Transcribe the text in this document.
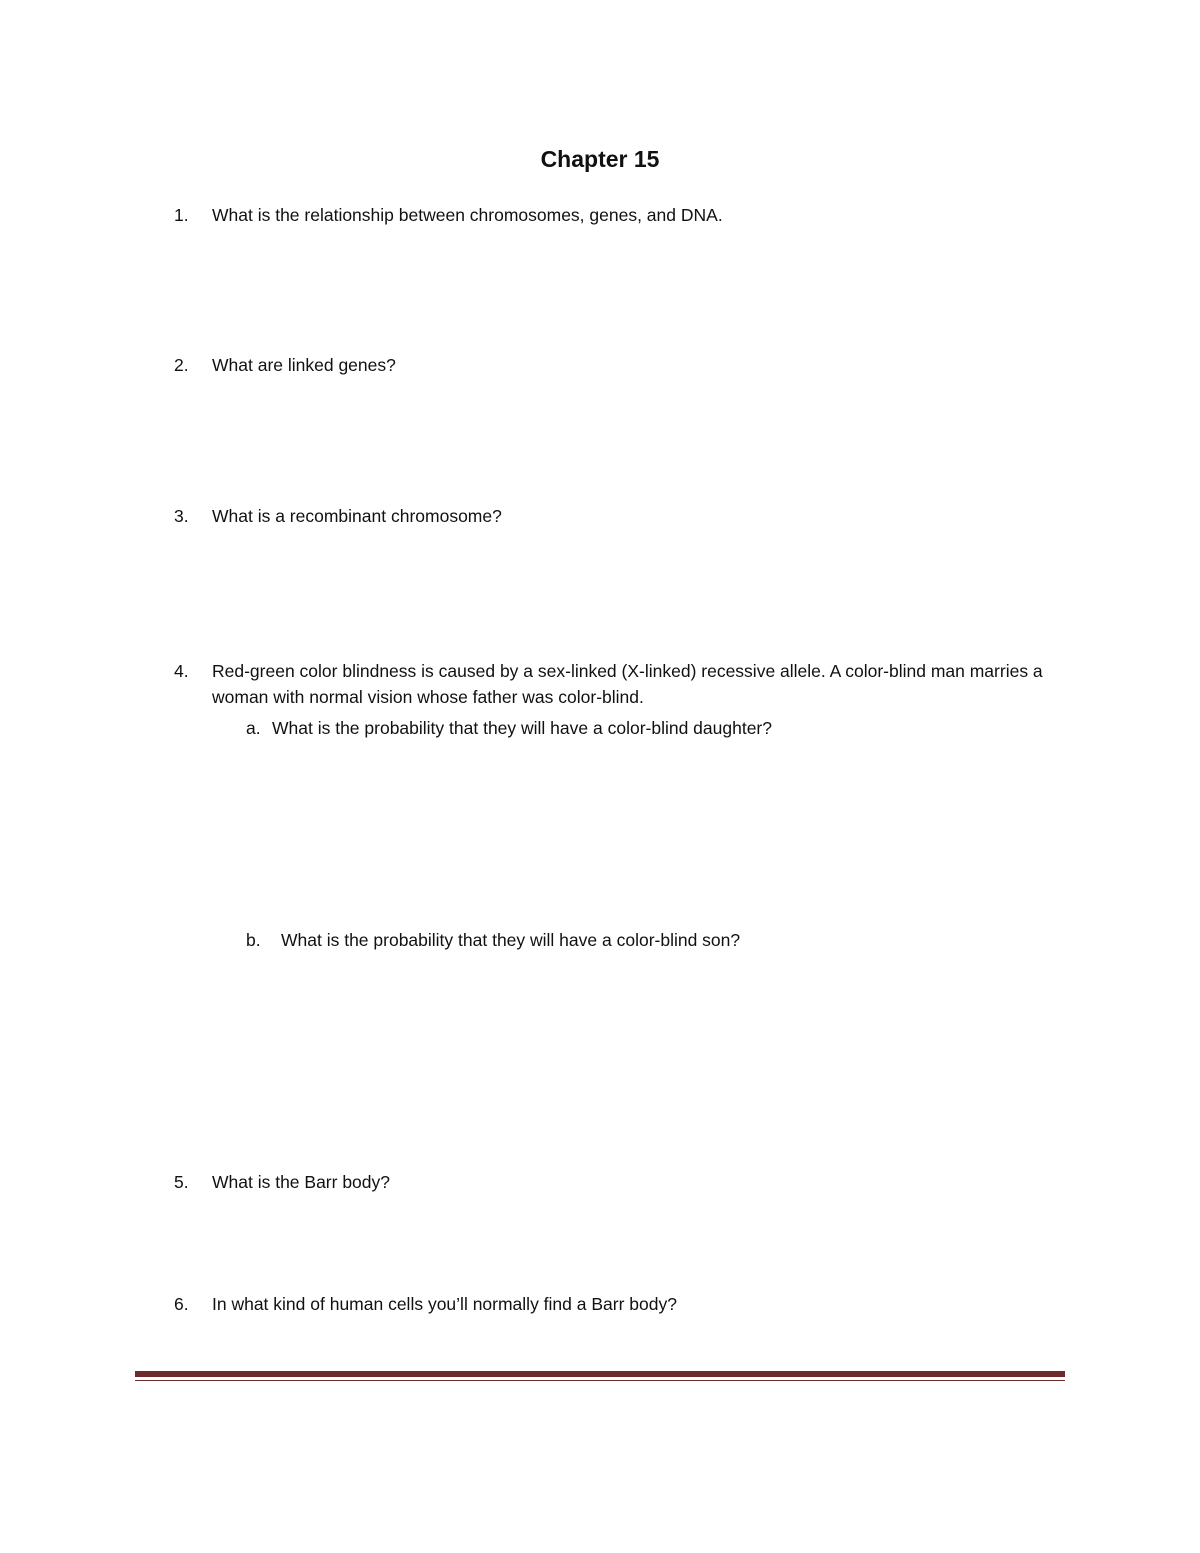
Chapter 15
1.	What is the relationship between chromosomes, genes, and DNA.
2.	What are linked genes?
3.	What is a recombinant chromosome?
4.	Red-green color blindness is caused by a sex-linked (X-linked) recessive allele. A color-blind man marries a woman with normal vision whose father was color-blind.
a. What is the probability that they will have a color-blind daughter?
b.	What is the probability that they will have a color-blind son?
5.	What is the Barr body?
6.	In what kind of human cells you’ll normally find a Barr body?
